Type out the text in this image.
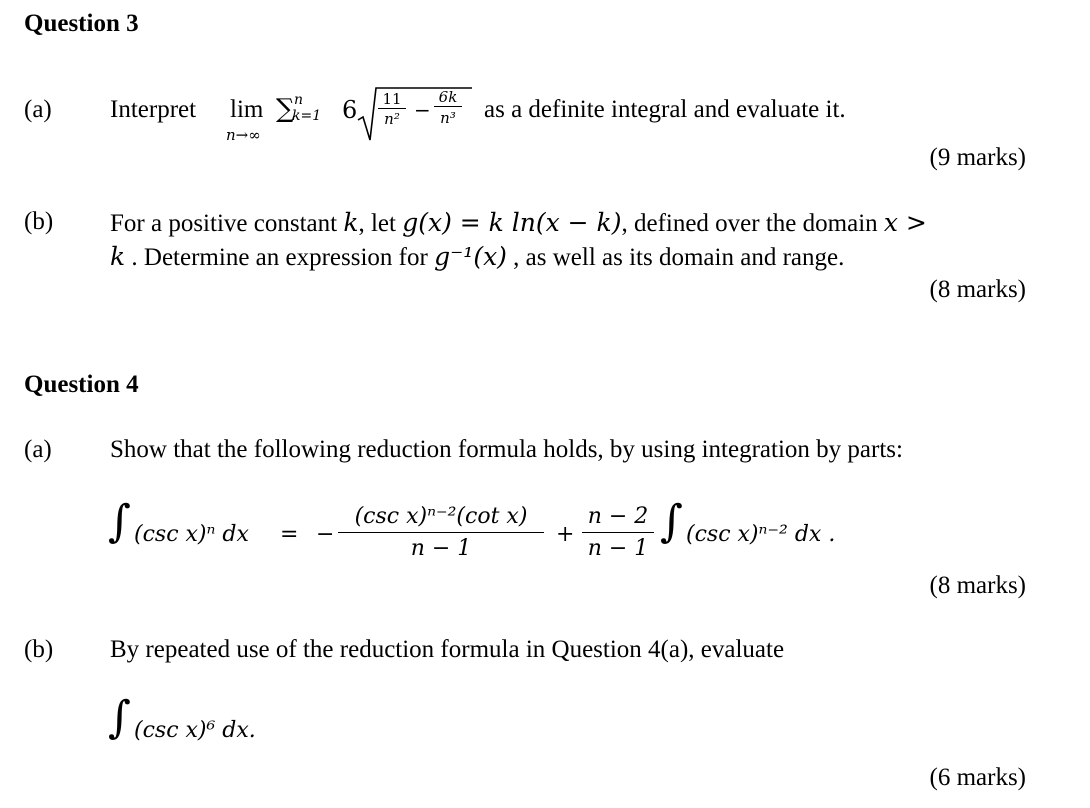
Question 3
(a) Interpret lim
n→∞
∑ n
k=1 $6 \frac{11}{\text{n²}} - \frac{6k}{\text{n³}}$ as a definite integral and evaluate it.
(9 marks)
(b) For a positive constant k, let g(x) = k ln(x − k), defined over the domain x >
k . Determine an expression for g⁻¹(x) , as well as its domain and range.
(8 marks)
Question 4
(a) Show that the following reduction formula holds, by using integration by parts:
∫ (csc x)ⁿ dx = −
(csc x)ⁿ⁻²(cot x)
n − 1
+ $\frac{n - 2}{n - 1}$ ∫ (csc x)ⁿ⁻² dx .
(8 marks)
(b) By repeated use of the reduction formula in Question 4(a), evaluate
∫ (csc x)⁶ dx.
(6 marks)
